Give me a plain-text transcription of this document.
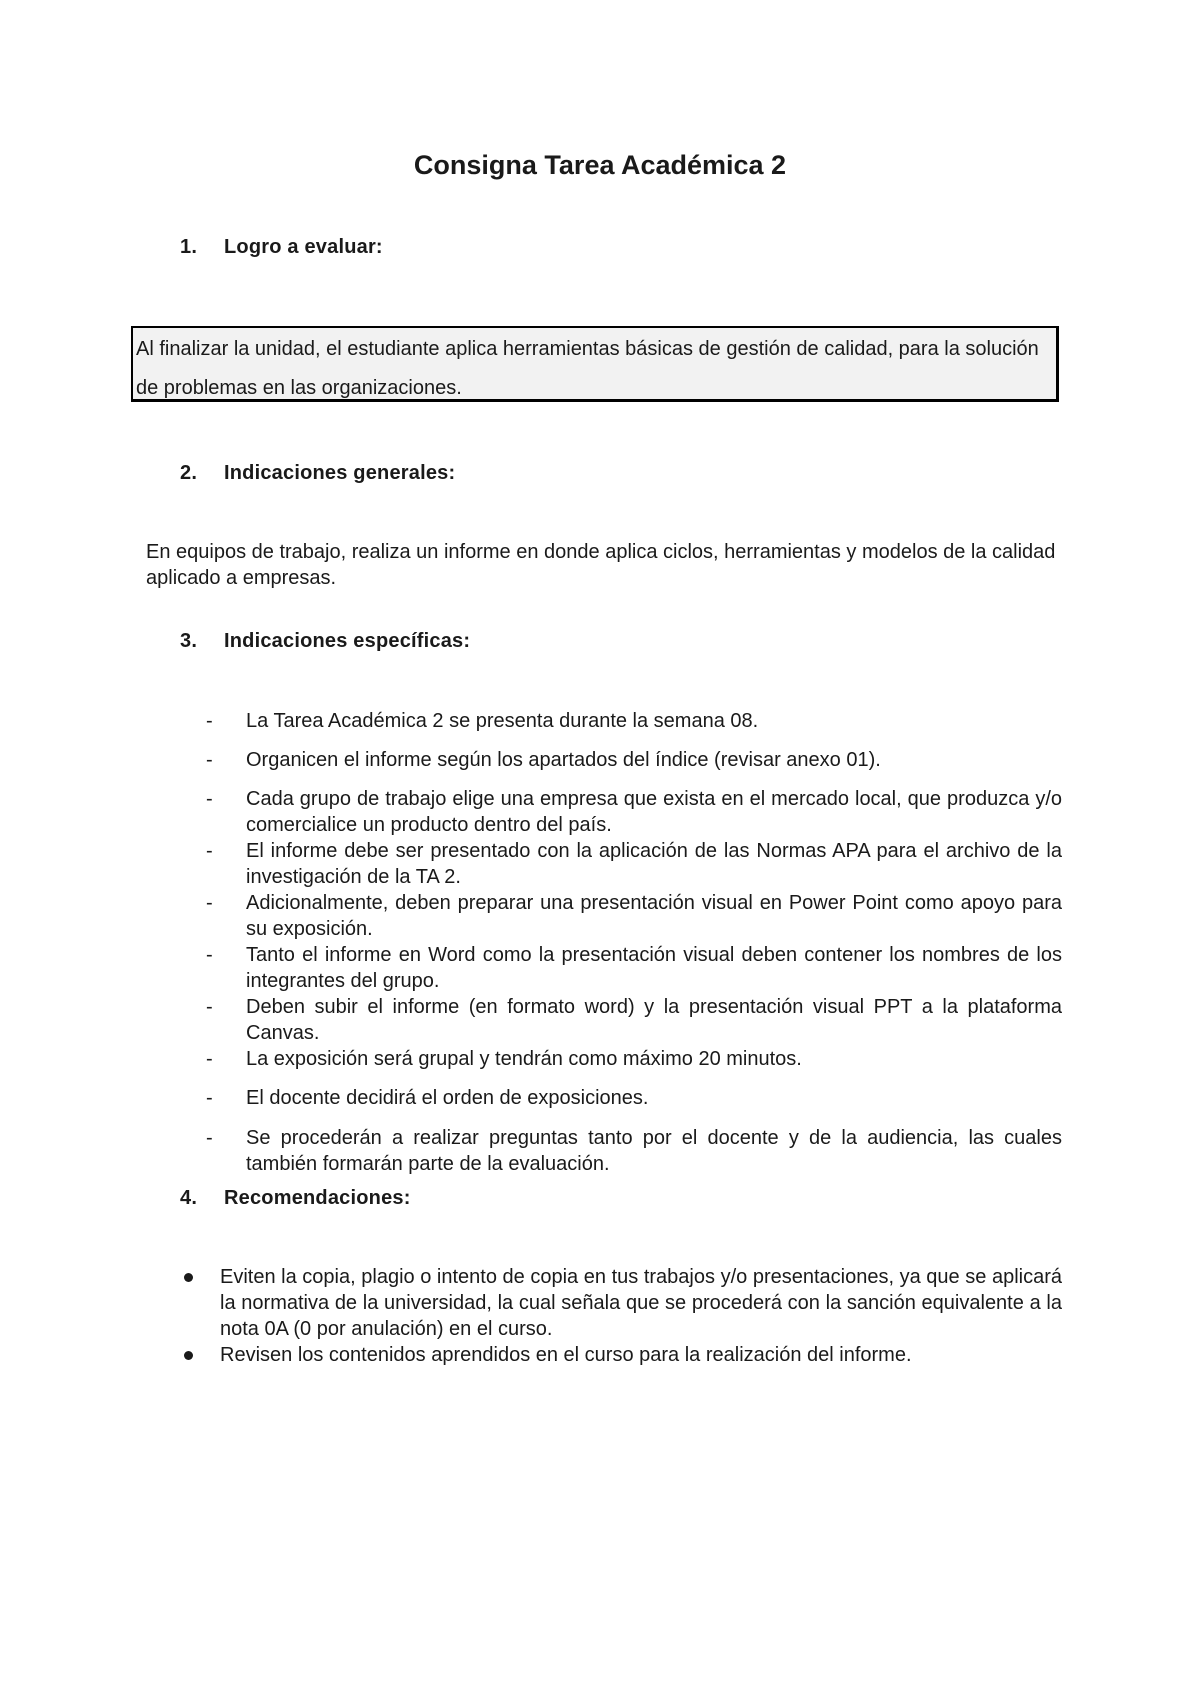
Consigna Tarea Académica 2
1. Logro a evaluar:
Al finalizar la unidad, el estudiante aplica herramientas básicas de gestión de calidad, para la solución de problemas en las organizaciones.
2. Indicaciones generales:
En equipos de trabajo, realiza un informe en donde aplica ciclos, herramientas y modelos de la calidad aplicado a empresas.
3. Indicaciones específicas:
- La Tarea Académica 2 se presenta durante la semana 08.
- Organicen el informe según los apartados del índice (revisar anexo 01).
- Cada grupo de trabajo elige una empresa que exista en el mercado local, que produzca y/o comercialice un producto dentro del país.
- El informe debe ser presentado con la aplicación de las Normas APA para el archivo de la investigación de la TA 2.
- Adicionalmente, deben preparar una presentación visual en Power Point como apoyo para su exposición.
- Tanto el informe en Word como la presentación visual deben contener los nombres de los integrantes del grupo.
- Deben subir el informe (en formato word) y la presentación visual PPT a la plataforma Canvas.
- La exposición será grupal y tendrán como máximo 20 minutos.
- El docente decidirá el orden de exposiciones.
- Se procederán a realizar preguntas tanto por el docente y de la audiencia, las cuales también formarán parte de la evaluación.
4. Recomendaciones:
Eviten la copia, plagio o intento de copia en tus trabajos y/o presentaciones, ya que se aplicará la normativa de la universidad, la cual señala que se procederá con la sanción equivalente a la nota 0A (0 por anulación) en el curso.
Revisen los contenidos aprendidos en el curso para la realización del informe.
